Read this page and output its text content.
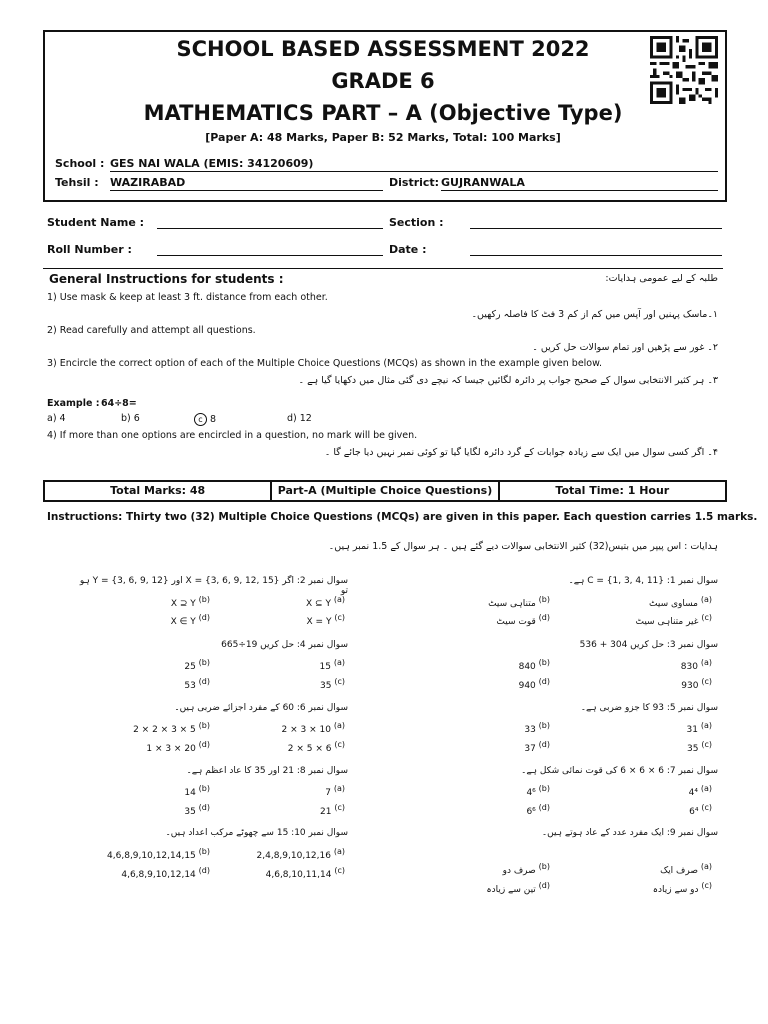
SCHOOL BASED ASSESSMENT 2022
GRADE 6
MATHEMATICS PART – A (Objective Type)
[Paper A: 48 Marks, Paper B: 52 Marks, Total: 100 Marks]
School : GES NAI WALA (EMIS: 34120609)
Tehsil : WAZIRABAD	District: GUJRANWALA
Student Name :	Section :
Roll Number :	Date :
General Instructions for students :	طلبہ کے لیے عمومی ہدایات:
1) Use mask & keep at least 3 ft. distance from each other.
۱۔ماسک پہنیں اور آپس میں کم از کم 3 فٹ کا فاصلہ رکھیں۔
2) Read carefully and attempt all questions.
۲۔ غور سے پڑھیں اور تمام سوالات حل کریں ۔
3) Encircle the correct option of each of the Multiple Choice Questions (MCQs) as shown in the example given below.
۳۔ ہر کثیر الانتخابی سوال کے صحیح جواب پر دائرہ لگائیں جیسا کہ نیچے دی گئی مثال میں دکھایا گیا ہے ۔
Example : 64÷8=
a) 4	b) 6	c 8	d) 12
4) If more than one options are encircled in a question, no mark will be given.
۴۔ اگر کسی سوال میں ایک سے زیادہ جوابات کے گرد دائرہ لگایا گیا تو کوئی نمبر نہیں دیا جائے گا ۔
Total Marks: 48	Part-A (Multiple Choice Questions)	Total Time: 1 Hour
Instructions: Thirty two (32) Multiple Choice Questions (MCQs) are given in this paper. Each question carries 1.5 marks.
ہدایات : اس پیپر میں بتیس(32) کثیر الانتخابی سوالات دیے گئے ہیں ۔ ہر سوال کے 1.5 نمبر ہیں۔
سوال نمبر 1: C = {1, 3, 4, 11} ہے۔
(a) مساوی سیٹ
(b) متناہی سیٹ
(c) غیر متناہی سیٹ
(d) قوت سیٹ
سوال نمبر 2: اگر X = {3, 6, 9, 12, 15} اور Y = {3, 6, 9, 12} ہو تو
(a) X ⊆ Y
(b) X ⊇ Y
(c) X = Y
(d) X ∈ Y
سوال نمبر 3: حل کریں 304 + 536
(a) 830
(b) 840
(c) 930
(d) 940
سوال نمبر 4: حل کریں 19÷665
(a) 15
(b) 25
(c) 35
(d) 53
سوال نمبر 5: 93 کا جزو ضربی ہے۔
(a) 31
(b) 33
(c) 35
(d) 37
سوال نمبر 6: 60 کے مفرد اجزائے ضربی ہیں۔
(a) 2 × 3 × 10
(b) 2 × 2 × 3 × 5
(c) 2 × 5 × 6
(d) 1 × 3 × 20
سوال نمبر 7: 6 × 6 × 6 کی قوت نمائی شکل ہے۔
(a) 4⁴
(b) 4⁶
(c) 6⁴
(d) 6⁶
سوال نمبر 8: 21 اور 35 کا عاد اعظم ہے۔
(a) 7
(b) 14
(c) 21
(d) 35
سوال نمبر 9: ایک مفرد عدد کے عاد ہوتے ہیں۔
(a) صرف ایک
(b) صرف دو
(c) دو سے زیادہ
(d) تین سے زیادہ
سوال نمبر 10: 15 سے چھوٹے مرکب اعداد ہیں۔
(a) 2,4,8,9,10,12,16
(b) 4,6,8,9,10,12,14,15
(c) 4,6,8,10,11,14
(d) 4,6,8,9,10,12,14
